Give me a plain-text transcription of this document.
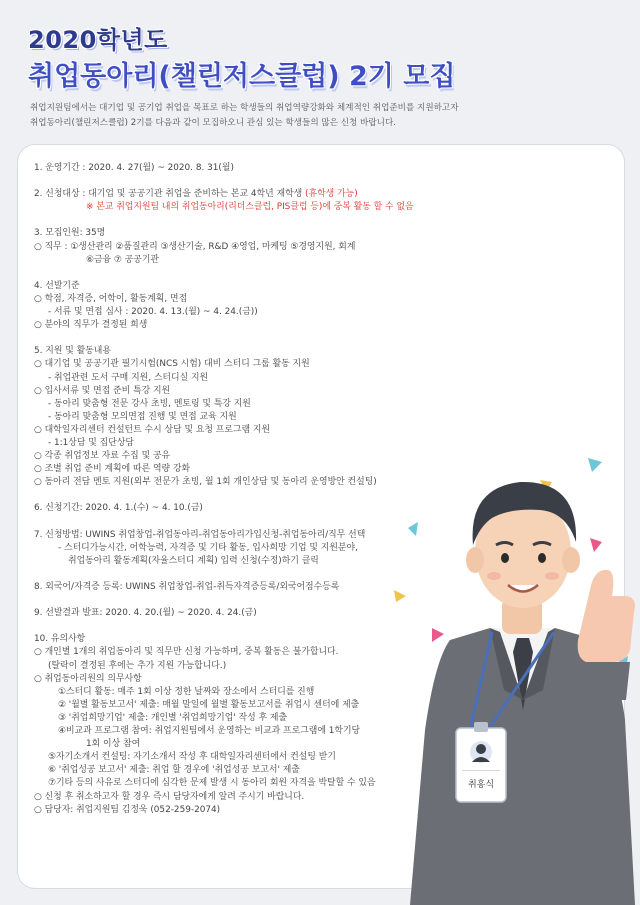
2020학년도
취업동아리(챌린저스클럽) 2기 모집
취업지원팀에서는 대기업 및 공기업 취업을 목표로 하는 학생들의 취업역량강화와 체계적인 취업준비를 지원하고자
취업동아리(챌린저스클럽) 2기를 다음과 같이 모집하오니 관심 있는 학생들의 많은 신청 바랍니다.
1. 운영기간 : 2020. 4. 27(월) ~ 2020. 8. 31(월)
2. 신청대상 : 대기업 및 공공기관 취업을 준비하는 본교 4학년 재학생 (휴학생 가능)
※ 본교 취업지원팀 내의 취업동아리(리더스클럽, PIS클럽 등)에 중복 활동 할 수 없음
3. 모집인원: 35명
○ 직무 : ①생산관리 ②품질관리 ③생산기술, R&D ④영업, 마케팅 ⑤경영지원, 회계
⑥금융 ⑦ 공공기관
4. 선발기준
○ 학점, 자격증, 어학이, 활동계획, 면접
- 서류 및 면접 심사 : 2020. 4. 13.(월) ~ 4. 24.(금))
○ 분야의 직무가 결정된 희생
5. 지원 및 활동내용
○ 대기업 및 공공기관 필기시험(NCS 시험) 대비 스터디 그룹 활동 지원
- 취업관련 도서 구매 지원, 스터디실 지원
○ 입사서류 및 면접 준비 특강 지원
- 동아리 맞춤형 전문 강사 초빙, 멘토링 및 특강 지원
- 동아리 맞춤형 모의면접 진행 및 면접 교육 지원
○ 대학일자리센터 컨설턴트 수시 상담 및 요청 프로그램 지원
- 1:1상담 및 집단상담
○ 각종 취업정보 자료 수집 및 공유
○ 조별 취업 준비 계획에 따른 역량 강화
○ 동아리 전담 멘토 지원(외부 전문가 초빙, 월 1회 개인상담 및 동아리 운영방안 컨설팅)
6. 신청기간: 2020. 4. 1.(수) ~ 4. 10.(금)
7. 신청방법: UWINS 취업창업-취업동아리-취업동아리가입신청-취업동아리/직무 선택
- 스터디가능시간, 어학능력, 자격증 및 기타 활동, 입사희망 기업 및 지원분야,
취업동아리 활동계획(자율스터디 계획) 입력 신청(수정)하기 클릭
8. 외국어/자격증 등록: UWINS 취업창업-취업-취득자격증등록/외국어점수등록
9. 선발결과 발표: 2020. 4. 20.(월) ~ 2020. 4. 24.(금)
10. 유의사항
○ 개인별 1개의 취업동아리 및 직무만 신청 가능하며, 중복 활동은 불가합니다.
(탈락이 결정된 후에는 추가 지원 가능합니다.)
○ 취업동아리원의 의무사항
①스터디 활동: 매주 1회 이상 정한 날짜와 장소에서 스터디를 진행
② '월별 활동보고서' 제출: 매월 말일에 월별 활동보고서를 취업시 센터에 제출
③ '취업희망기업' 제출: 개인별 '취업희망기업' 작성 후 제출
④비교과 프로그램 참여: 취업지원팀에서 운영하는 비교과 프로그램에 1학기당
1회 이상 참여
⑤자기소개서 컨설팅: 자기소개서 작성 후 대학일자리센터에서 컨설팅 받기
⑥ '취업성공 보고서' 제출: 취업 할 경우에 '취업성공 보고서' 제출
⑦기타 등의 사유로 스터디에 심각한 문제 발생 시 동아리 회원 자격을 박탈할 수 있음
○ 신청 후 취소하고자 할 경우 즉시 담당자에게 알려 주시기 바랍니다.
○ 담당자: 취업지원팀 김정욱 (052-259-2074)
취홍식
